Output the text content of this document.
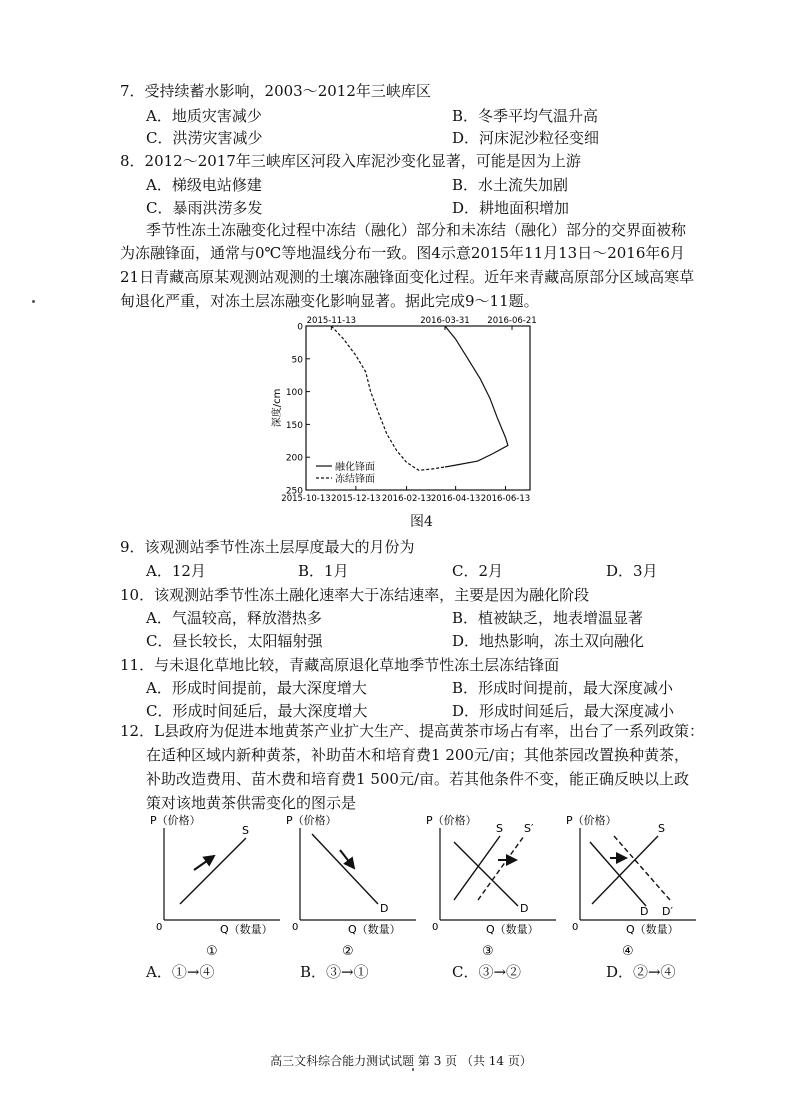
7．受持续蓄水影响，2003～2012年三峡库区
A．地质灾害减少	B．冬季平均气温升高
C．洪涝灾害减少	D．河床泥沙粒径变细
8．2012～2017年三峡库区河段入库泥沙变化显著，可能是因为上游
A．梯级电站修建	B．水土流失加剧
C．暴雨洪涝多发	D．耕地面积增加
季节性冻土冻融变化过程中冻结（融化）部分和未冻结（融化）部分的交界面被称
为冻融锋面，通常与0℃等地温线分布一致。图4示意2015年11月13日～2016年6月
21日青藏高原某观测站观测的土壤冻融锋面变化过程。近年来青藏高原部分区域高寒草
甸退化严重，对冻土层冻融变化影响显著。据此完成9～11题。
0
50
100
150
200
250
2015-10-13 2015-12-13 2016-02-13 2016-04-13 2016-06-13
2015-11-13	2016-03-31 2016-06-21
深度/cm
融化锋面
冻结锋面
图4
9．该观测站季节性冻土层厚度最大的月份为
A．12月	B．1月	C．2月	D．3月
10．该观测站季节性冻土融化速率大于冻结速率，主要是因为融化阶段
A．气温较高，释放潜热多	B．植被缺乏，地表增温显著
C．昼长较长，太阳辐射强	D．地热影响，冻土双向融化
11．与未退化草地比较，青藏高原退化草地季节性冻土层冻结锋面
A．形成时间提前，最大深度增大	B．形成时间提前，最大深度减小
C．形成时间延后，最大深度增大	D．形成时间延后，最大深度减小
12．L县政府为促进本地黄茶产业扩大生产、提高黄茶市场占有率，出台了一系列政策：
在适种区域内新种黄茶，补助苗木和培育费1 200元/亩；其他茶园改置换种黄茶，
补助改造费用、苗木费和培育费1 500元/亩。若其他条件不变，能正确反映以上政
策对该地黄茶供需变化的图示是
P（价格）
0	Q（数量）
S
①
P（价格）
0	Q（数量）
D
②
P（价格）
0	Q（数量）
S S′
D
③
P（价格）
0	Q（数量）
S
D D′
④
A．①→④	B．③→①	C．③→②	D．②→④
高三文科综合能力测试试题 第 3 页 （共 14 页）
